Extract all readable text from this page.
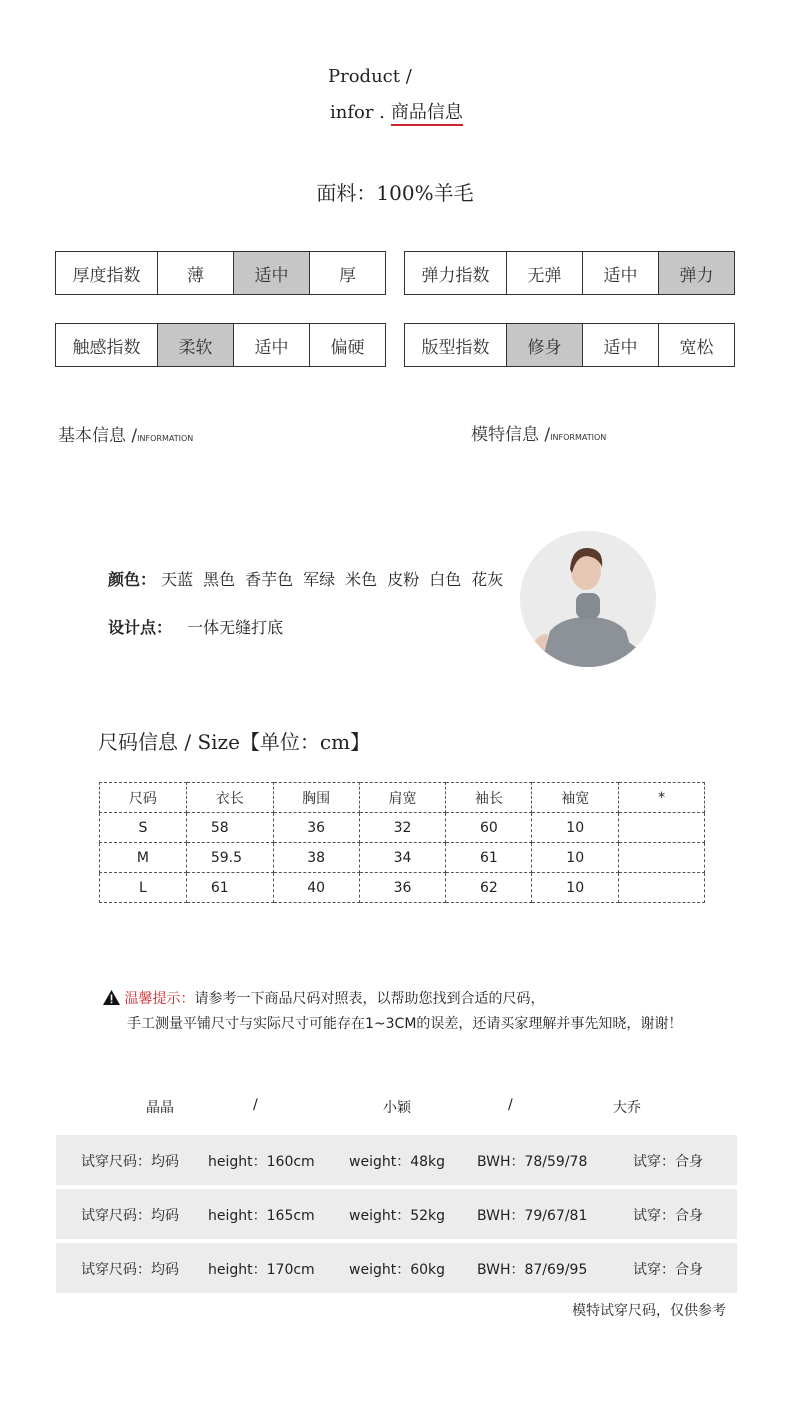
Product /
infor . 商品信息
面料：100%羊毛
厚度指数	薄	适中	厚	弹力指数	无弹	适中	弹力
触感指数	柔软	适中	偏硬	版型指数	修身	适中	宽松
基本信息 /INFORMATION	模特信息 /INFORMATION
颜色： 天蓝 黑色 香芋色 军绿 米色 皮粉 白色 花灰
设计点： 一体无缝打底
尺码信息 / Size【单位：cm】
尺码	衣长	胸围	肩宽	袖长	袖宽	*
S	58	36	32	60	10	
M	59.5	38	34	61	10	
L	61	40	36	62	10	
温馨提示：请参考一下商品尺码对照表，以帮助您找到合适的尺码，
手工测量平铺尺寸与实际尺寸可能存在1~3CM的误差，还请买家理解并事先知晓，谢谢！
晶晶	/	小颖	/	大乔
试穿尺码：均码 height：160cm weight：48kg BWH：78/59/78	试穿：合身
试穿尺码：均码 height：165cm weight：52kg BWH：79/67/81	试穿：合身
试穿尺码：均码 height：170cm weight：60kg BWH：87/69/95	试穿：合身
模特试穿尺码，仅供参考
